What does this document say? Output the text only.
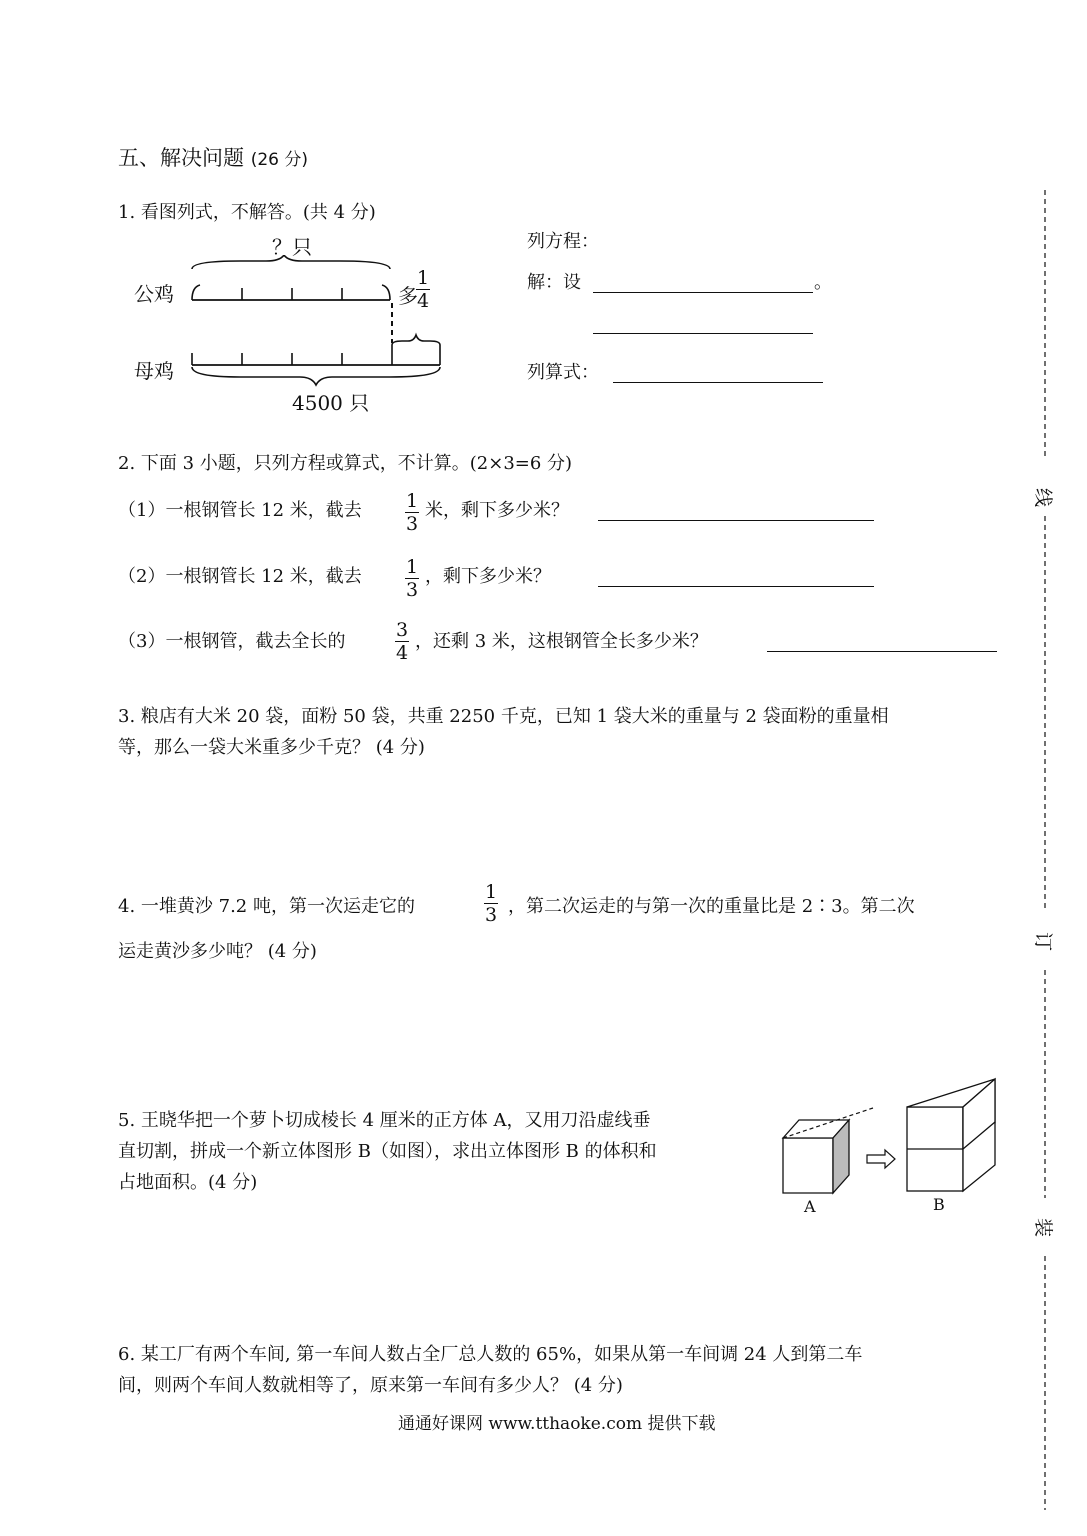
五、解决问题 (26 分)
1. 看图列式，不解答。(共 4 分)
？只
公鸡
母鸡
多
1
4
4500 只
列方程：
解：设	。
列算式：
2. 下面 3 小题，只列方程或算式，不计算。(2×3=6 分)
（1）一根钢管长 12 米，截去 1
3
米，剩下多少米？
（2）一根钢管长 12 米，截去 1
3
，剩下多少米？
（3）一根钢管，截去全长的
3
4
，还剩 3 米，这根钢管全长多少米？
3. 粮店有大米 20 袋，面粉 50 袋，共重 2250 千克，已知 1 袋大米的重量与 2 袋面粉的重量相
等，那么一袋大米重多少千克？ (4 分)
4. 一堆黄沙 7.2 吨，第一次运走它的
1
3 ，第二次运走的与第一次的重量比是 2∶3。第二次
运走黄沙多少吨？ (4 分)
5. 王晓华把一个萝卜切成棱长 4 厘米的正方体 A，又用刀沿虚线垂
直切割，拼成一个新立体图形 B（如图），求出立体图形 B 的体积和
占地面积。(4 分)
A	B
6. 某工厂有两个车间, 第一车间人数占全厂总人数的 65%，如果从第一车间调 24 人到第二车
间，则两个车间人数就相等了，原来第一车间有多少人？ (4 分)
通通好课网 www.tthaoke.com 提供下载
线
订
装
